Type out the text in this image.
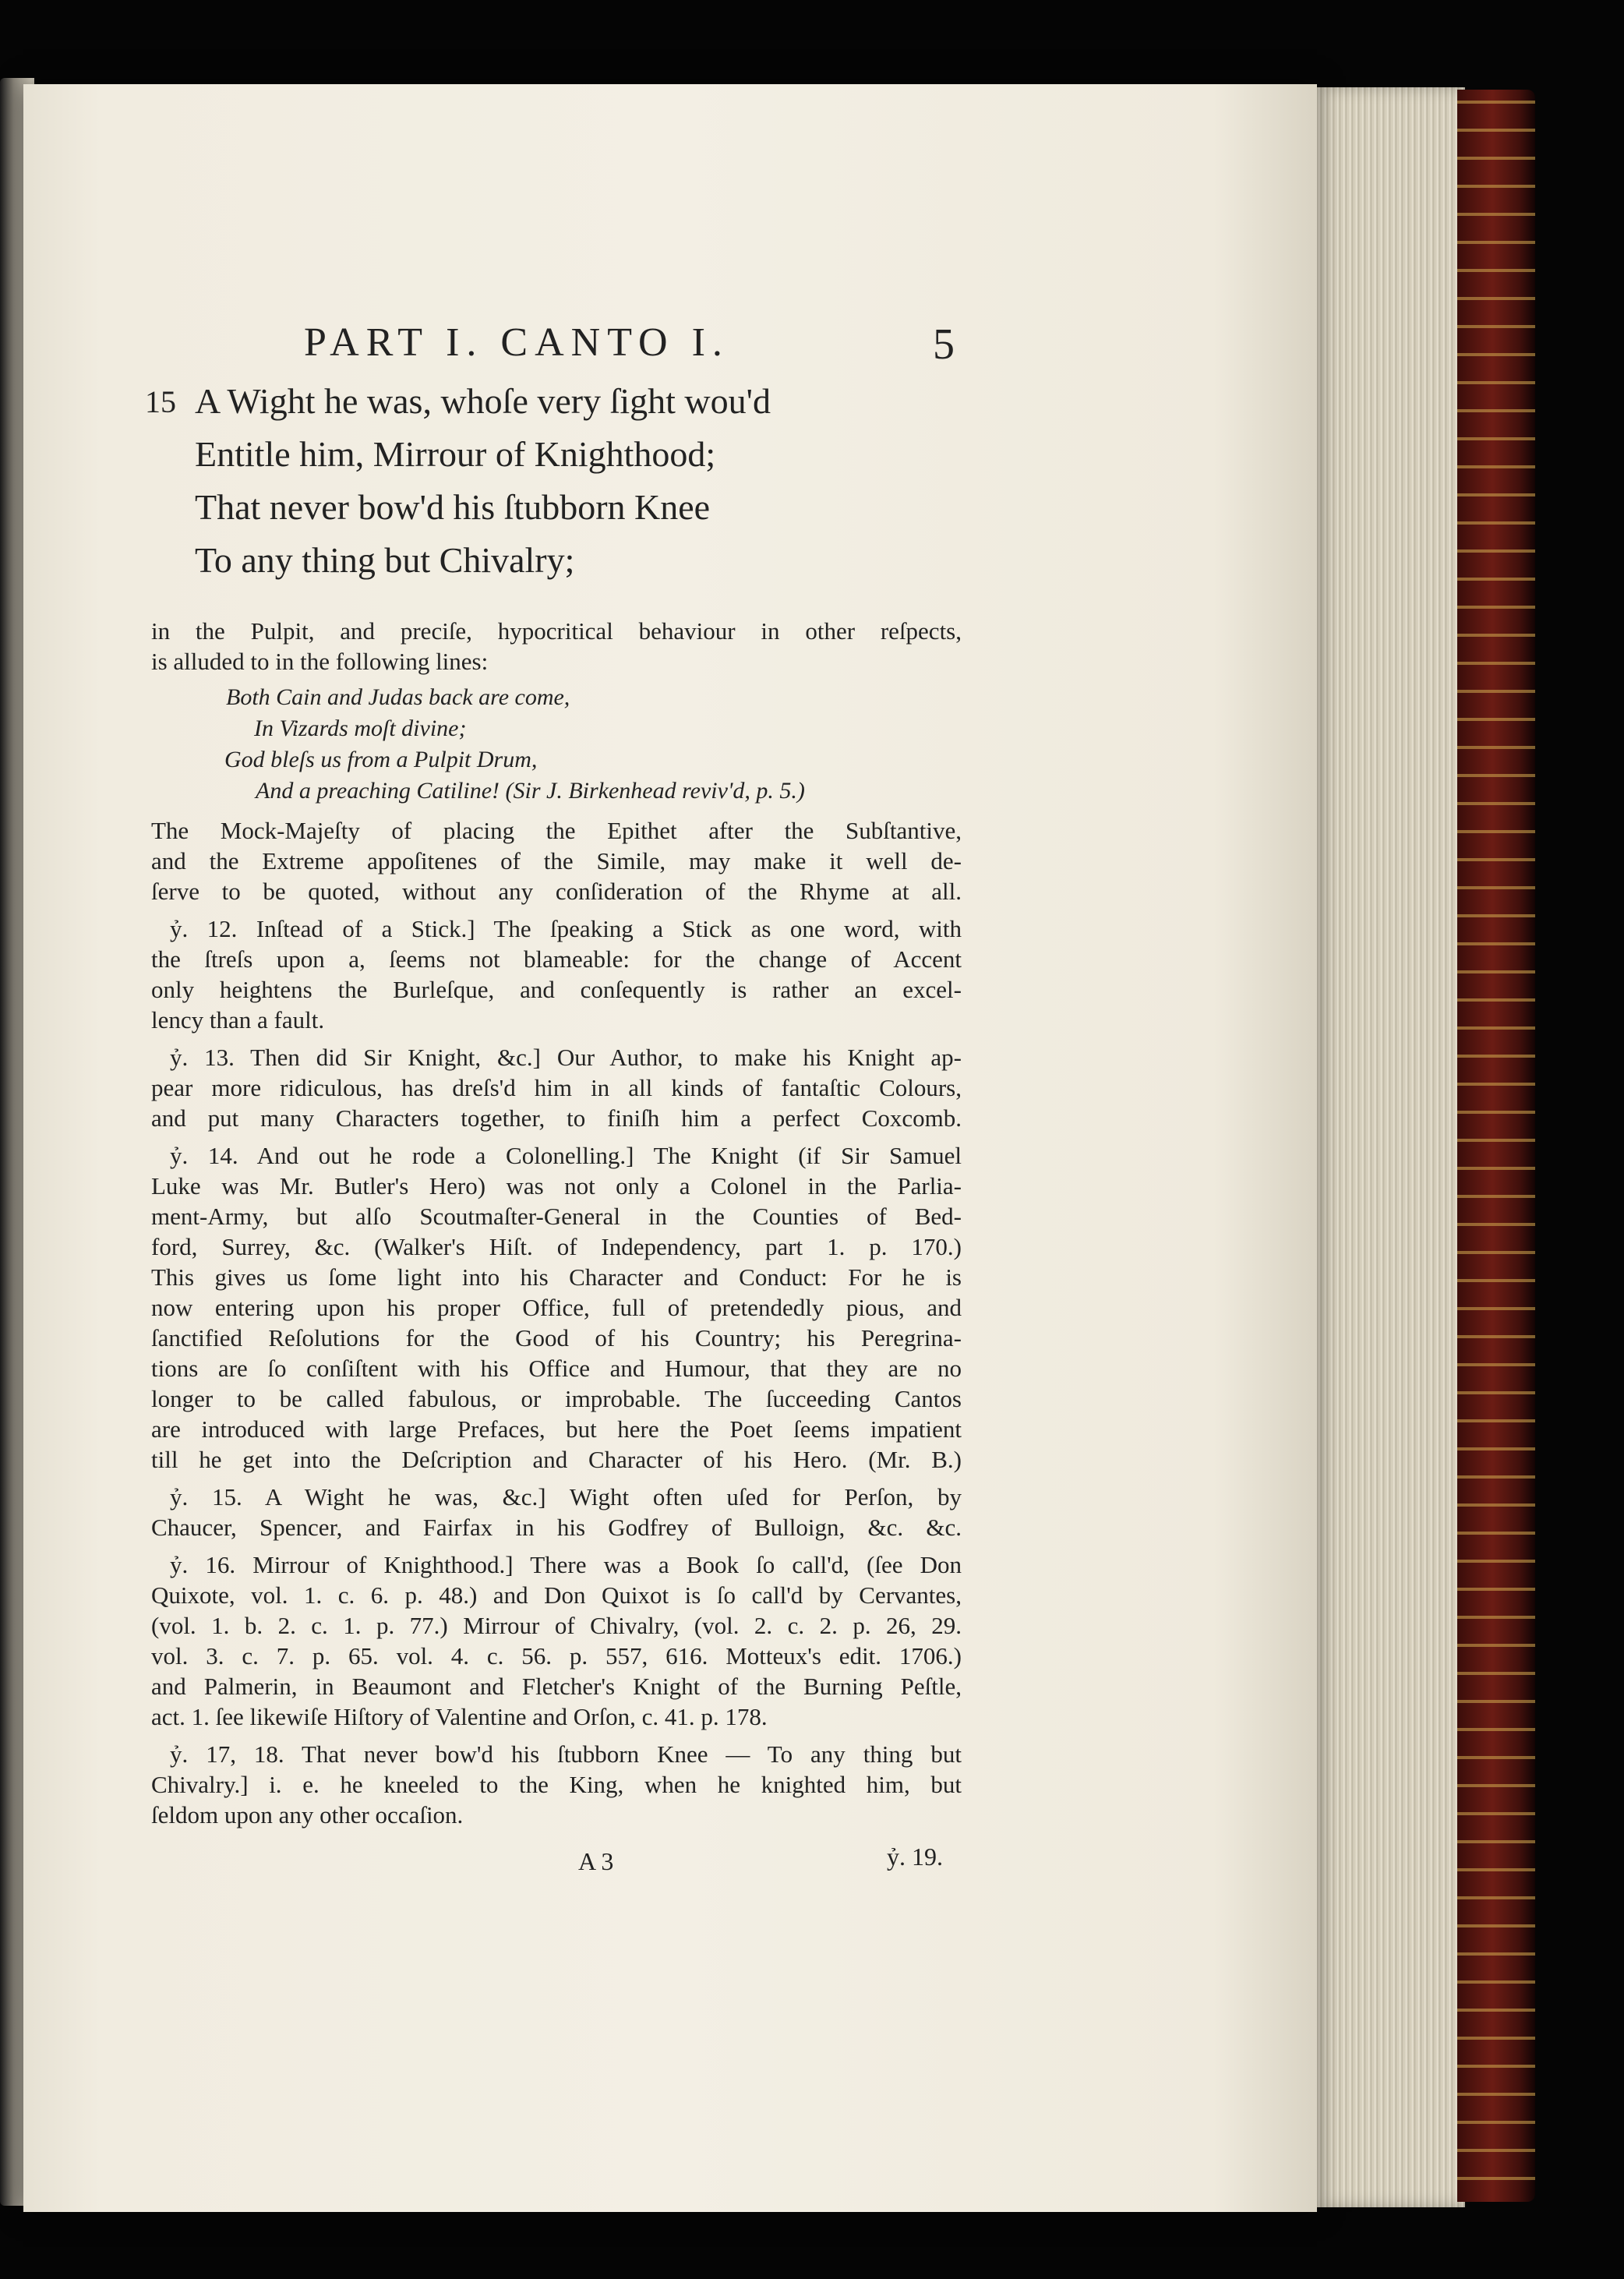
PART I. CANTO I.	5
15 A Wight he was, whoſe very ſight wou'd
Entitle him, Mirrour of Knighthood;
That never bow'd his ſtubborn Knee
To any thing but Chivalry;
in the Pulpit, and preciſe, hypocritical behaviour in other reſpects,
is alluded to in the following lines:
Both Cain and Judas back are come,
In Vizards moſt divine;
God bleſs us from a Pulpit Drum,
And a preaching Catiline! (Sir J. Birkenhead reviv'd, p. 5.)
The Mock-Majeſty of placing the Epithet after the Subſtantive,
and the Extreme appoſitenes of the Simile, may make it well de-
ſerve to be quoted, without any conſideration of the Rhyme at all.
ỷ. 12. Inſtead of a Stick.] The ſpeaking a Stick as one word, with
the ſtreſs upon a, ſeems not blameable: for the change of Accent
only heightens the Burleſque, and conſequently is rather an excel-
lency than a fault.
ỷ. 13. Then did Sir Knight, &c.] Our Author, to make his Knight ap-
pear more ridiculous, has dreſs'd him in all kinds of fantaſtic Colours,
and put many Characters together, to finiſh him a perfect Coxcomb.
ỷ. 14. And out he rode a Colonelling.] The Knight (if Sir Samuel
Luke was Mr. Butler's Hero) was not only a Colonel in the Parlia-
ment-Army, but alſo Scoutmaſter-General in the Counties of Bed-
ford, Surrey, &c. (Walker's Hiſt. of Independency, part 1. p. 170.)
This gives us ſome light into his Character and Conduct: For he is
now entering upon his proper Office, full of pretendedly pious, and
ſanctified Reſolutions for the Good of his Country; his Peregrina-
tions are ſo conſiſtent with his Office and Humour, that they are no
longer to be called fabulous, or improbable. The ſucceeding Cantos
are introduced with large Prefaces, but here the Poet ſeems impatient
till he get into the Deſcription and Character of his Hero. (Mr. B.)
ỷ. 15. A Wight he was, &c.] Wight often uſed for Perſon, by
Chaucer, Spencer, and Fairfax in his Godfrey of Bulloign, &c. &c.
ỷ. 16. Mirrour of Knighthood.] There was a Book ſo call'd, (ſee Don
Quixote, vol. 1. c. 6. p. 48.) and Don Quixot is ſo call'd by Cervantes,
(vol. 1. b. 2. c. 1. p. 77.) Mirrour of Chivalry, (vol. 2. c. 2. p. 26, 29.
vol. 3. c. 7. p. 65. vol. 4. c. 56. p. 557, 616. Motteux's edit. 1706.)
and Palmerin, in Beaumont and Fletcher's Knight of the Burning Peſtle,
act. 1. ſee likewiſe Hiſtory of Valentine and Orſon, c. 41. p. 178.
ỷ. 17, 18. That never bow'd his ſtubborn Knee — To any thing but
Chivalry.] i. e. he kneeled to the King, when he knighted him, but
ſeldom upon any other occaſion.
A 3	ỷ. 19.
